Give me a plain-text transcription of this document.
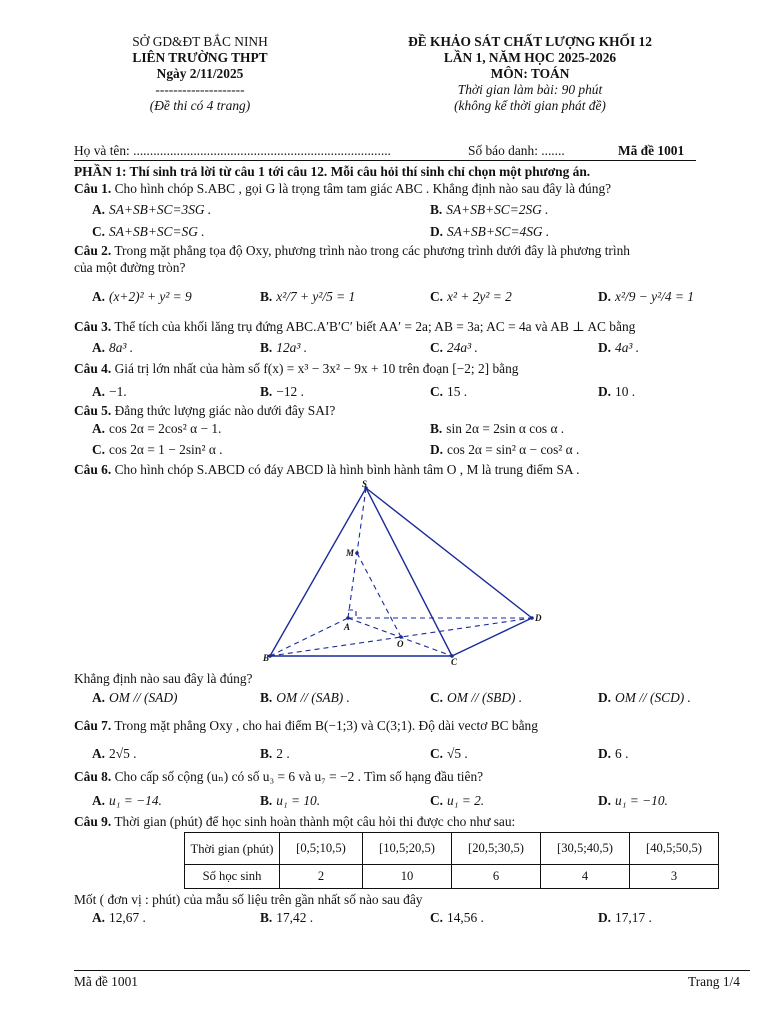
SỞ GD&ĐT BẮC NINH
LIÊN TRƯỜNG THPT
Ngày 2/11/2025
--------------------
(Đề thi có 4 trang)
ĐỀ KHẢO SÁT CHẤT LƯỢNG KHỐI 12
LẦN 1, NĂM HỌC 2025-2026
MÔN: TOÁN
Thời gian làm bài: 90 phút
(không kể thời gian phát đề)
Họ và tên: .............................................................................	Số báo danh: .......	Mã đề 1001
PHẦN 1: Thí sinh trả lời từ câu 1 tới câu 12. Mỗi câu hỏi thí sinh chỉ chọn một phương án.
Câu 1. Cho hình chóp S.ABC , gọi G là trọng tâm tam giác ABC . Khẳng định nào sau đây là đúng?
A. SA+SB+SC=3SG .	B. SA+SB+SC=2SG .
C. SA+SB+SC=SG .	D. SA+SB+SC=4SG .
Câu 2. Trong mặt phẳng tọa độ Oxy, phương trình nào trong các phương trình dưới đây là phương trình
của một đường tròn?
A. (x+2)² + y² = 9	B. x²/7 + y²/5 = 1	C. x² + 2y² = 2	D. x²/9 − y²/4 = 1
Câu 3. Thể tích của khối lăng trụ đứng ABC.A′B′C′ biết AA′ = 2a; AB = 3a; AC = 4a và AB ⊥ AC bằng
A. 8a³ .	B. 12a³ .	C. 24a³ .	D. 4a³ .
Câu 4. Giá trị lớn nhất của hàm số f(x) = x³ − 3x² − 9x + 10 trên đoạn [−2; 2] bằng
A. −1.	B. −12 .	C. 15 .	D. 10 .
Câu 5. Đẳng thức lượng giác nào dưới đây SAI?
A. cos 2α = 2cos² α − 1.	B. sin 2α = 2sin α cos α .
C. cos 2α = 1 − 2sin² α .	D. cos 2α = sin² α − cos² α .
Câu 6. Cho hình chóp S.ABCD có đáy ABCD là hình bình hành tâm O , M là trung điểm SA .
S
M
A
O
D
B	C
Khẳng định nào sau đây là đúng?
A. OM // (SAD)	B. OM // (SAB) .	C. OM // (SBD) .	D. OM // (SCD) .
Câu 7. Trong mặt phẳng Oxy , cho hai điểm B(−1;3) và C(3;1). Độ dài vectơ BC bằng
A. 2√5 .	B. 2 .	C. √5 .	D. 6 .
Câu 8. Cho cấp số cộng (uₙ) có số u₃ = 6 và u₇ = −2 . Tìm số hạng đầu tiên?
A. u₁ = −14.	B. u₁ = 10.	C. u₁ = 2.	D. u₁ = −10.
Câu 9. Thời gian (phút) để học sinh hoàn thành một câu hỏi thi được cho như sau:
Thời gian (phút)	[0,5;10,5)	[10,5;20,5)	[20,5;30,5)	[30,5;40,5)	[40,5;50,5)
Số học sinh	2	10	6	4	3
Mốt ( đơn vị : phút) của mẫu số liệu trên gần nhất số nào sau đây
A. 12,67 .	B. 17,42 .	C. 14,56 .	D. 17,17 .
Mã đề 1001	Trang 1/4
